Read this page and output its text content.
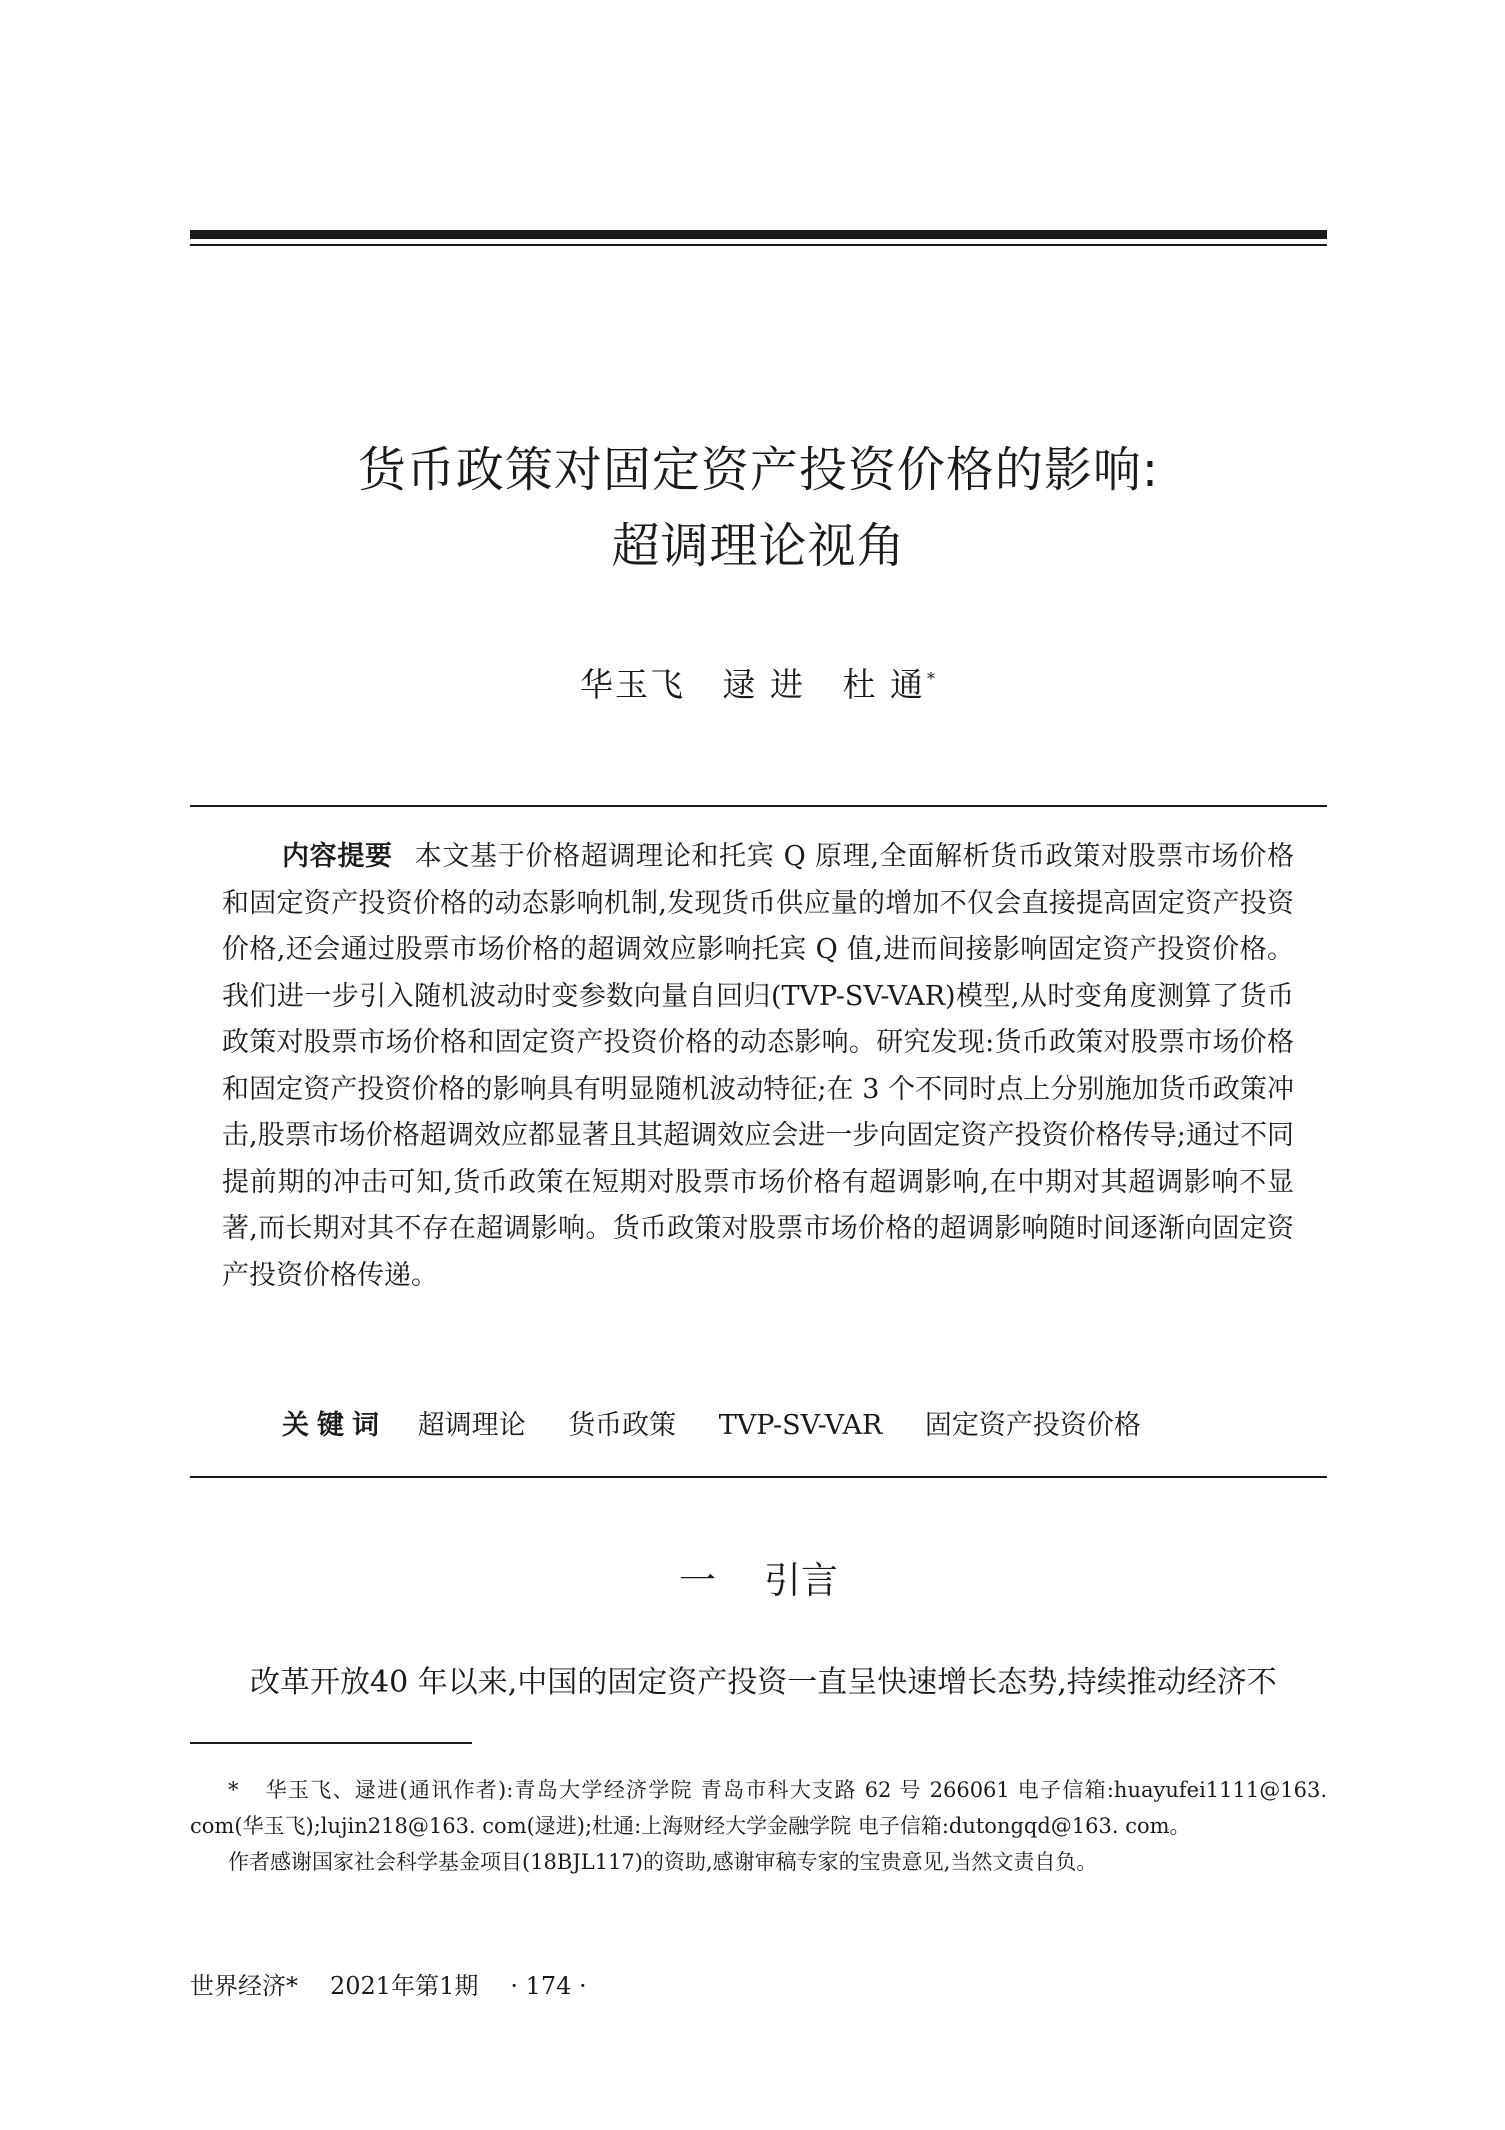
货币政策对固定资产投资价格的影响:
超调理论视角
华玉飞   逯 进   杜 通 *

内容提要 本文基于价格超调理论和托宾 Q 原理,全面解析货币政策对股票市场价格和固定资产投资价格的动态影响机制,发现货币供应量的增加不仅会直接提高固定资产投资价格,还会通过股票市场价格的超调效应影响托宾 Q 值,进而间接影响固定资产投资价格。我们进一步引入随机波动时变参数向量自回归(TVP-SV-VAR)模型,从时变角度测算了货币政策对股票市场价格和固定资产投资价格的动态影响。研究发现:货币政策对股票市场价格和固定资产投资价格的影响具有明显随机波动特征;在 3 个不同时点上分别施加货币政策冲击,股票市场价格超调效应都显著且其超调效应会进一步向固定资产投资价格传导;通过不同提前期的冲击可知,货币政策在短期对股票市场价格有超调影响,在中期对其超调影响不显著,而长期对其不存在超调影响。货币政策对股票市场价格的超调影响随时间逐渐向固定资产投资价格传递。

关键词 超调理论 货币政策 TVP-SV-VAR 固定资产投资价格
一 引言

改革开放40 年以来,中国的固定资产投资一直呈快速增长态势,持续推动经济不

* 华玉飞、逯进(通讯作者):青岛大学经济学院 青岛市科大支路 62 号 266061 电子信箱:huayufei1111@163. com(华玉飞);lujin218@163. com(逯进);杜通:上海财经大学金融学院 电子信箱:dutongqd@163. com。

作者感谢国家社会科学基金项目(18BJL117)的资助,感谢审稿专家的宝贵意见,当然文责自负。

世界经济* 2021年第1期 · 174 ·
